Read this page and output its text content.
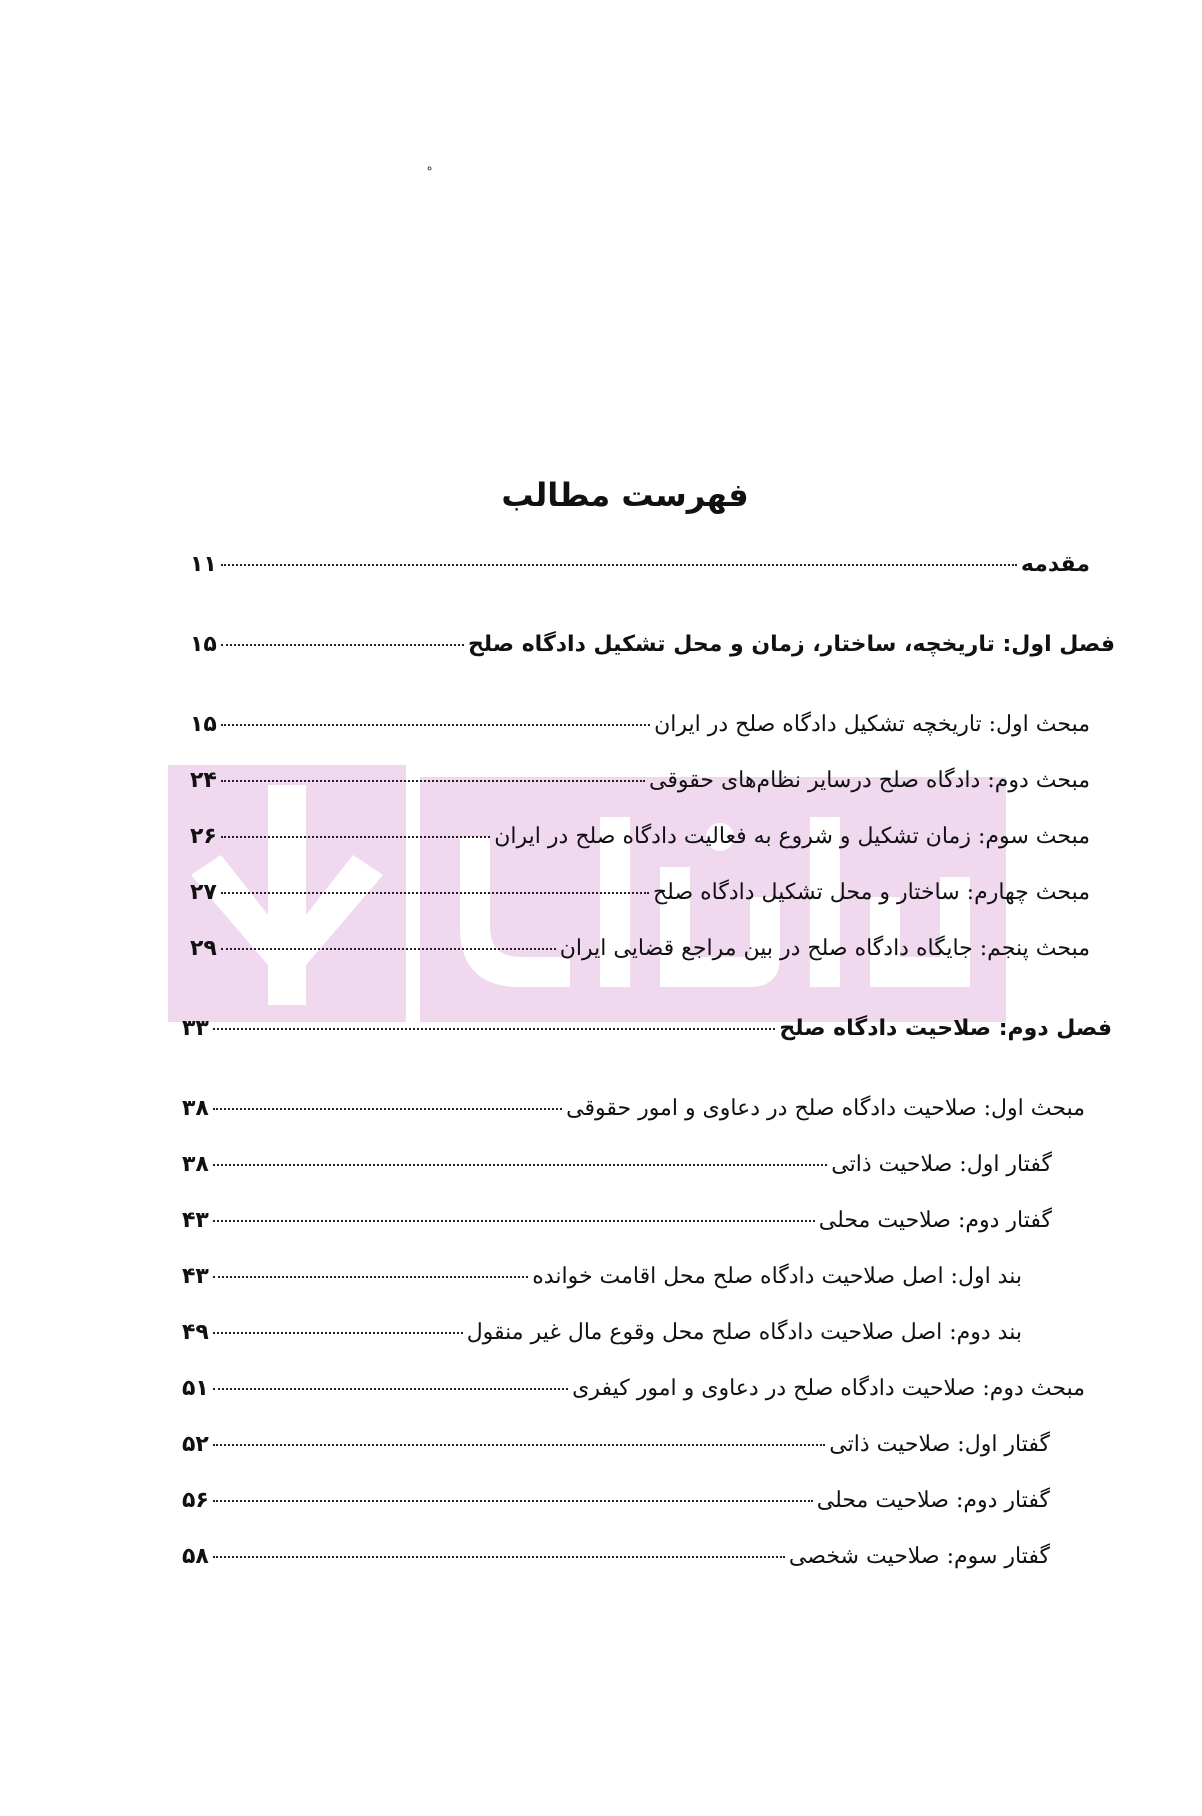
ه
فهرست مطالب
مقدمه
۱۱
فصل اول: تاریخچه، ساختار، زمان و محل تشکیل دادگاه صلح
۱۵
مبحث اول: تاریخچه تشکیل دادگاه صلح در ایران
۱۵
مبحث دوم: دادگاه صلح درسایر نظام‌های حقوقی
۲۴
مبحث سوم: زمان تشکیل و شروع به فعالیت دادگاه صلح در ایران
۲۶
مبحث چهارم: ساختار و محل تشکیل دادگاه صلح
۲۷
مبحث پنجم: جایگاه دادگاه صلح در بین مراجع قضایی ایران
۲۹
فصل دوم: صلاحیت دادگاه صلح
۳۳
مبحث اول: صلاحیت دادگاه صلح در دعاوی و امور حقوقی
۳۸
گفتار اول: صلاحیت ذاتی
۳۸
گفتار دوم: صلاحیت محلی
۴۳
بند اول: اصل صلاحیت دادگاه صلح محل اقامت خوانده
۴۳
بند دوم: اصل صلاحیت دادگاه صلح محل وقوع مال غیر منقول
۴۹
مبحث دوم: صلاحیت دادگاه صلح در دعاوی و امور کیفری
۵۱
گفتار اول: صلاحیت ذاتی
۵۲
گفتار دوم: صلاحیت محلی
۵۶
گفتار سوم: صلاحیت شخصی
۵۸
